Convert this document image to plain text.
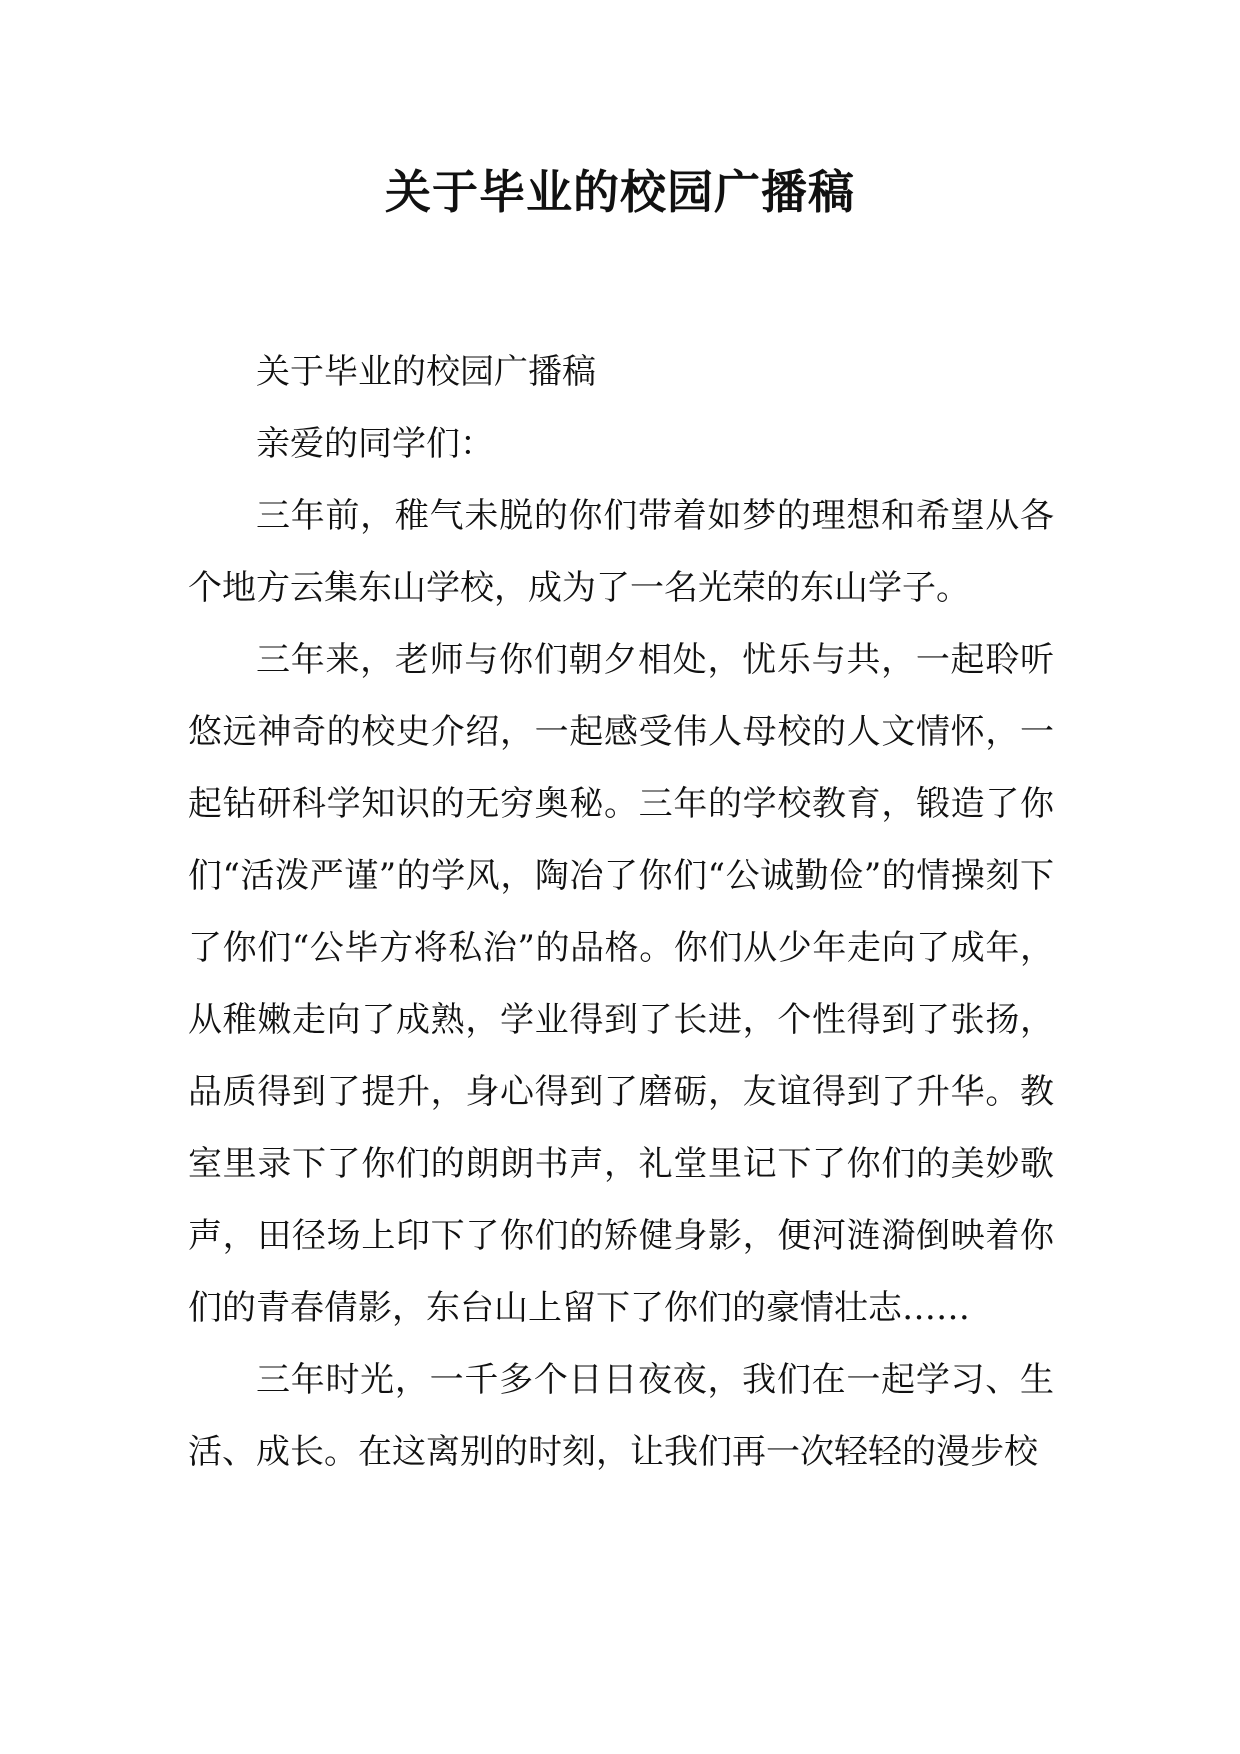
关于毕业的校园广播稿

关于毕业的校园广播稿

亲爱的同学们：

三年前，稚气未脱的你们带着如梦的理想和希望从各个地方云集东山学校，成为了一名光荣的东山学子。

三年来，老师与你们朝夕相处，忧乐与共，一起聆听悠远神奇的校史介绍，一起感受伟人母校的人文情怀，一起钻研科学知识的无穷奥秘。三年的学校教育，锻造了你们“活泼严谨”的学风，陶冶了你们“公诚勤俭”的情操刻下了你们“公毕方将私治”的品格。你们从少年走向了成年，从稚嫩走向了成熟，学业得到了长进，个性得到了张扬，品质得到了提升，身心得到了磨砺，友谊得到了升华。教室里录下了你们的朗朗书声，礼堂里记下了你们的美妙歌声，田径场上印下了你们的矫健身影，便河涟漪倒映着你们的青春倩影，东台山上留下了你们的豪情壮志……

三年时光，一千多个日日夜夜，我们在一起学习、生活、成长。在这离别的时刻，让我们再一次轻轻的漫步校
